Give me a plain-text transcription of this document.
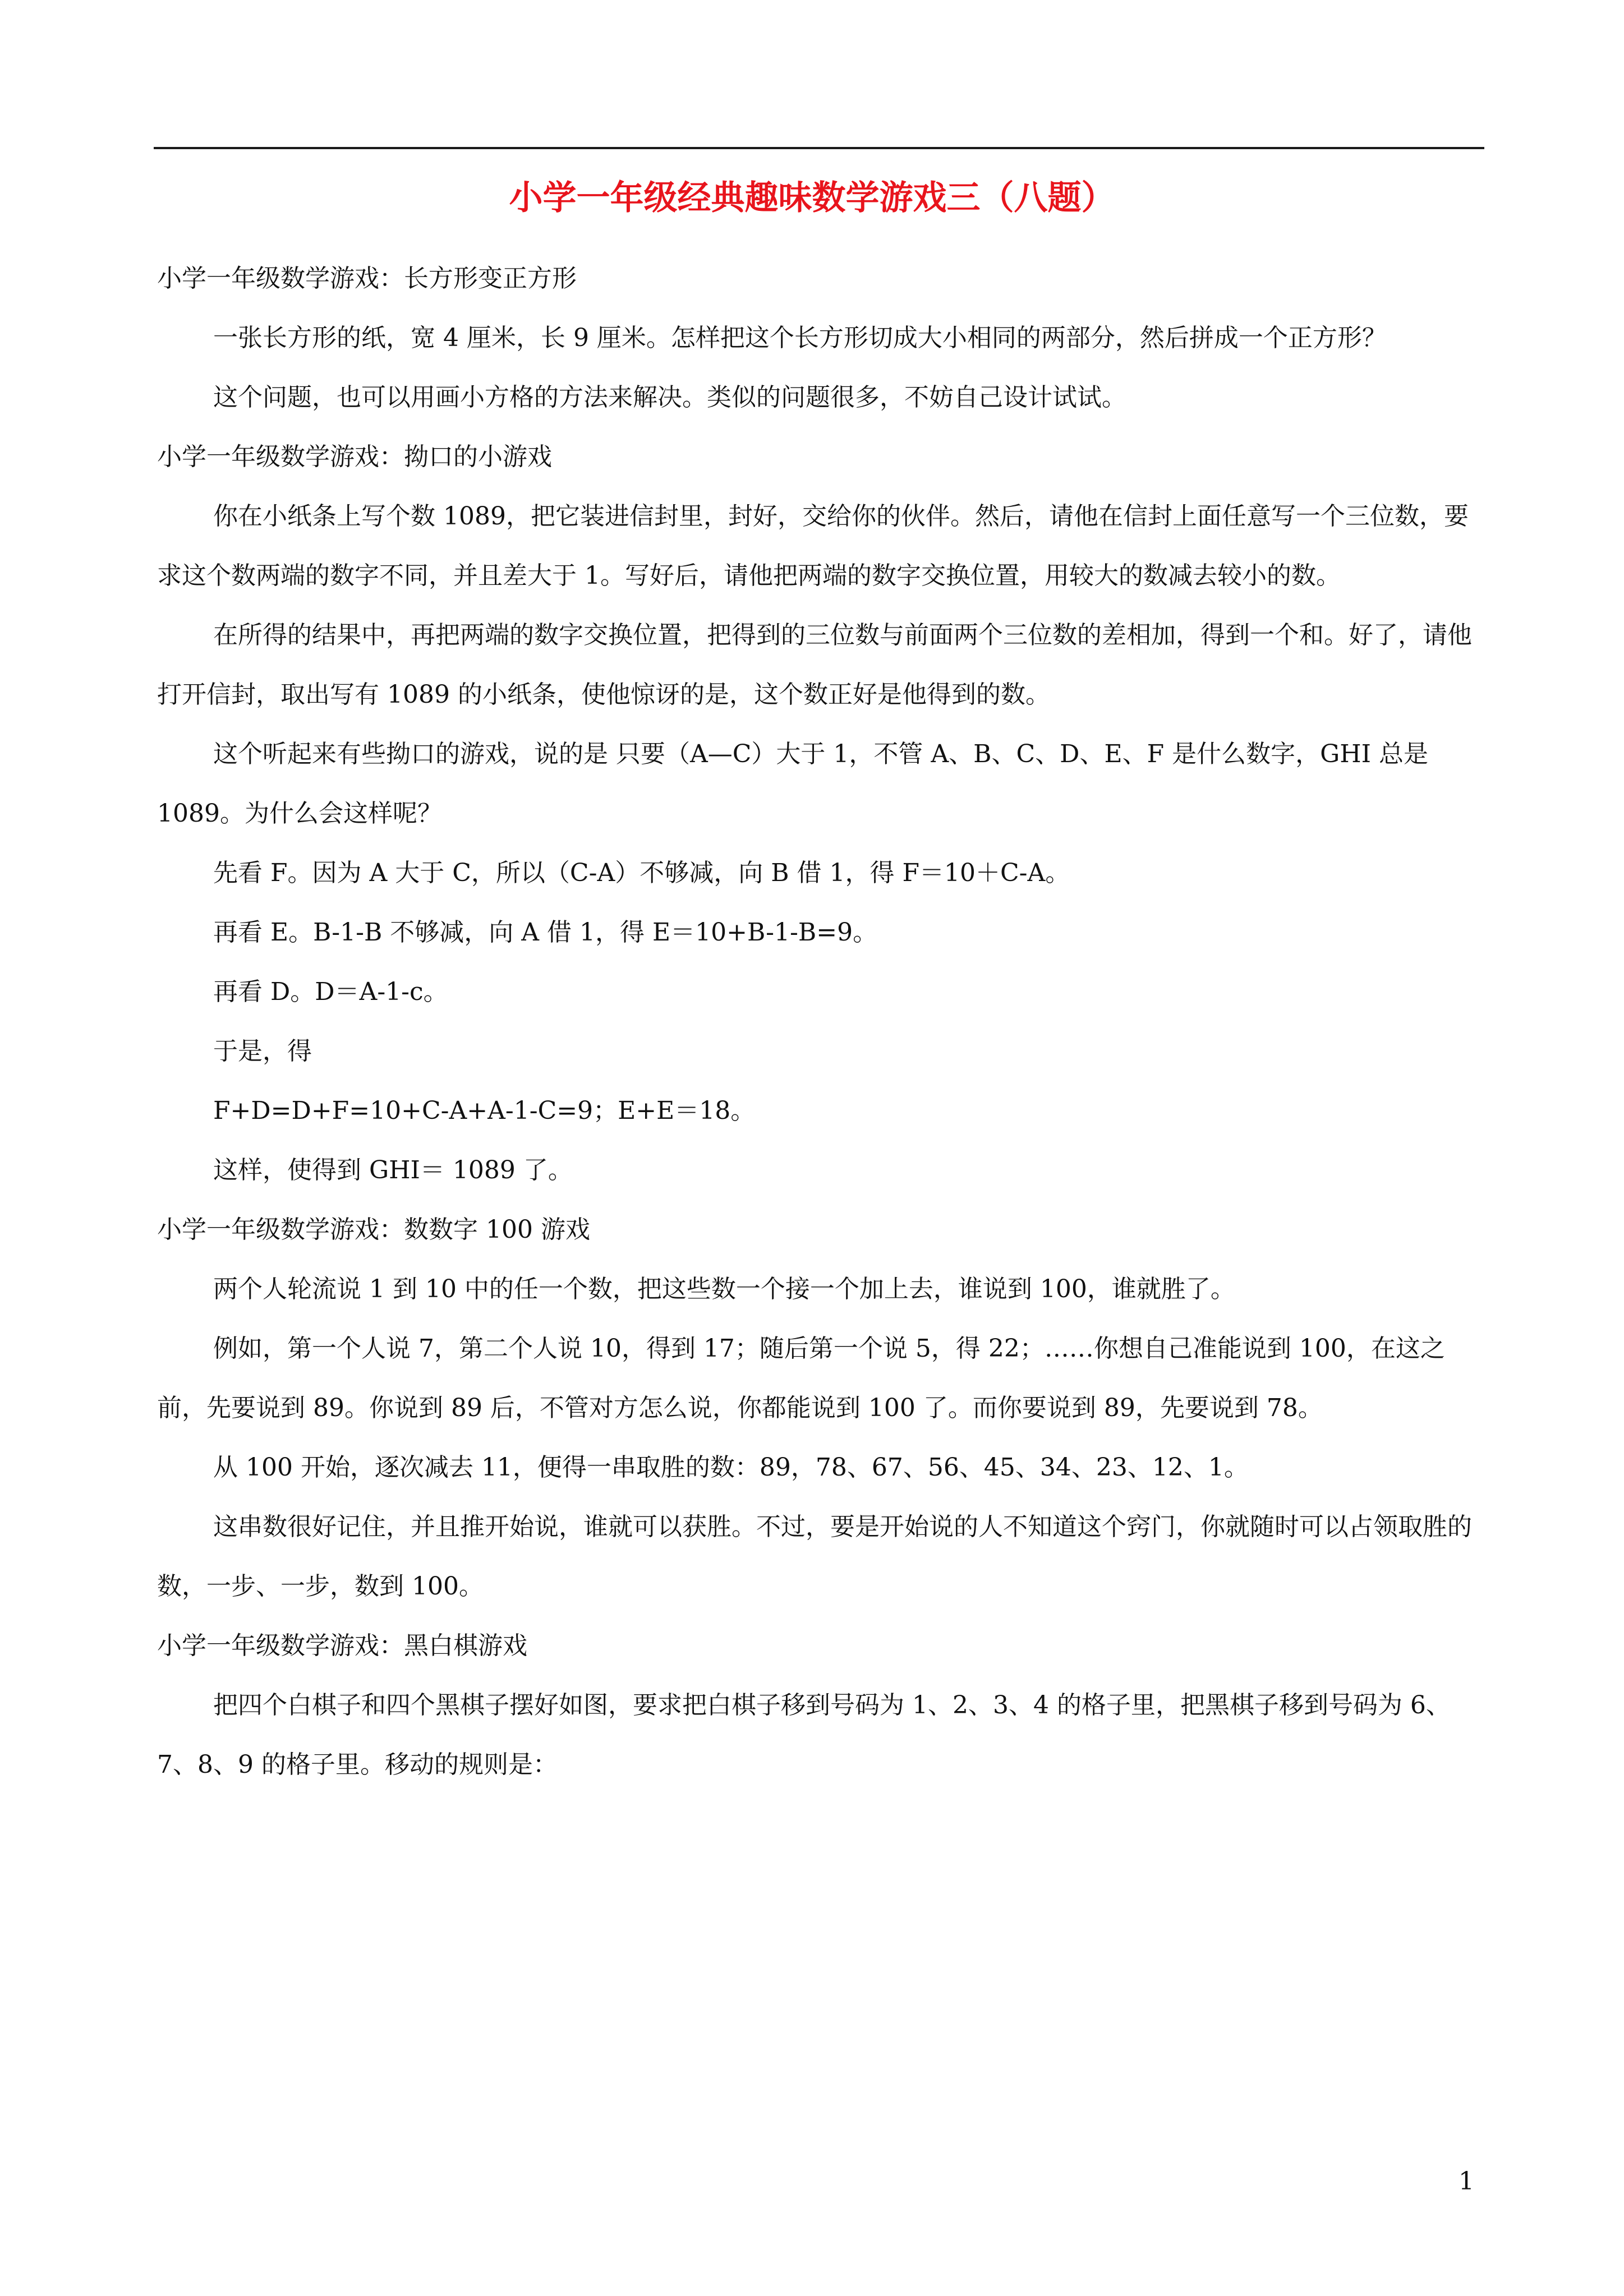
小学一年级经典趣味数学游戏三（八题）

小学一年级数学游戏：长方形变正方形

一张长方形的纸，宽 4 厘米，长 9 厘米。怎样把这个长方形切成大小相同的两部分，然后拼成一个正方形？

这个问题，也可以用画小方格的方法来解决。类似的问题很多，不妨自己设计试试。

小学一年级数学游戏：拗口的小游戏

你在小纸条上写个数 1089，把它装进信封里，封好，交给你的伙伴。然后，请他在信封上面任意写一个三位数，要求这个数两端的数字不同，并且差大于 1。写好后，请他把两端的数字交换位置，用较大的数减去较小的数。

在所得的结果中，再把两端的数字交换位置，把得到的三位数与前面两个三位数的差相加，得到一个和。好了，请他打开信封，取出写有 1089 的小纸条，使他惊讶的是，这个数正好是他得到的数。

这个听起来有些拗口的游戏，说的是 只要（A—C）大于 1，不管 A、B、C、D、E、F 是什么数字，GHI 总是 1089。为什么会这样呢？

先看 F。因为 A 大于 C，所以（C-A）不够减，向 B 借 1，得 F＝10＋C-A。

再看 E。B-1-B 不够减，向 A 借 1，得 E＝10+B-1-B=9。

再看 D。D＝A-1-c。

于是，得

F+D=D+F=10+C-A+A-1-C=9；E+E＝18。

这样，使得到 GHI＝ 1089 了。

小学一年级数学游戏：数数字 100 游戏

两个人轮流说 1 到 10 中的任一个数，把这些数一个接一个加上去，谁说到 100，谁就胜了。

例如，第一个人说 7，第二个人说 10，得到 17；随后第一个说 5，得 22；……你想自己准能说到 100，在这之前，先要说到 89。你说到 89 后，不管对方怎么说，你都能说到 100 了。而你要说到 89，先要说到 78。

从 100 开始，逐次减去 11，便得一串取胜的数：89，78、67、56、45、34、23、12、1。

这串数很好记住，并且推开始说，谁就可以获胜。不过，要是开始说的人不知道这个窍门，你就随时可以占领取胜的数，一步、一步，数到 100。

小学一年级数学游戏：黑白棋游戏

把四个白棋子和四个黑棋子摆好如图，要求把白棋子移到号码为 1、2、3、4 的格子里，把黑棋子移到号码为 6、7、8、9 的格子里。移动的规则是：

1
